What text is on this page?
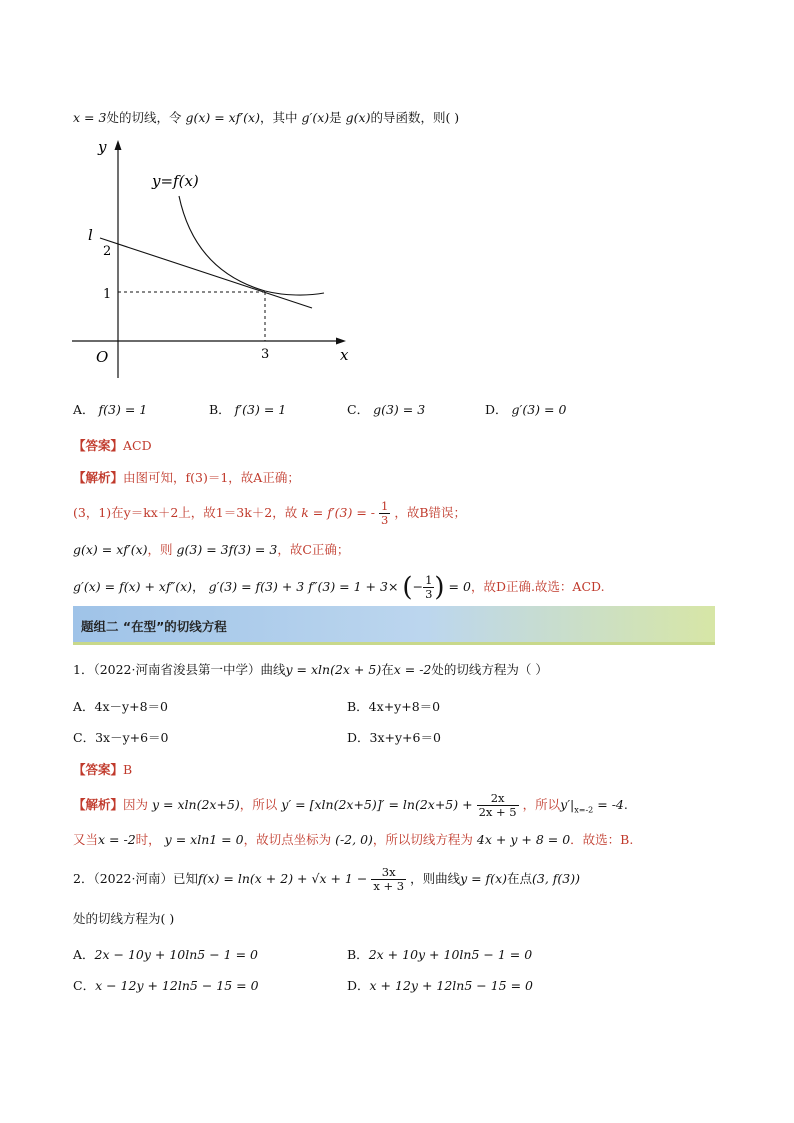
x = 3处的切线，令 g(x) = xf′(x)，其中 g′(x)是 g(x)的导函数，则( )
y
x
O
l
2
1
3
y=f(x)
A． f(3) = 1	B． f′(3) = 1	C． g(3) = 3	D． g′(3) = 0
【答案】ACD
【解析】由图可知，f(3)＝1，故A正确；
(3，1)在y＝kx＋2上，故1＝3k＋2，故 k = f′(3) = - $\frac{1}{3}$ ，故B错误；
g(x) = xf′(x)，则 g(3) = 3f(3) = 3，故C正确；
g′(x) = f(x) + xf″(x)， g′(3) = f(3) + 3 f″(3) = 1 + 3× (− $\frac{1}{3}$ ) = 0，故D正确.故选：ACD.
题组二 “在型”的切线方程
1．（2022·河南省浚县第一中学）曲线y = xln(2x + 5)在x = -2处的切线方程为（ ）
A．4x－y+8＝0	B．4x+y+8＝0
C．3x－y+6＝0	D．3x+y+6＝0
【答案】B
【解析】因为 y = xln(2x+5)，所以 $y' = [xln(2x+5)]' = \ln(2x+5) + \frac{2x}{2x + 5}$ ，所以$y'|_{x=-2} = -4$.
又当x = -2时， y = xln1 = 0，故切点坐标为 (-2, 0)，所以切线方程为 4x + y + 8 = 0．故选：B.
2．（2022·河南）已知$f(x) = \ln(x + 2) + √x + 1 - \frac{3x}{x + 3}$ ，则曲线y = f(x)在点(3, f(3))
处的切线方程为( )
A．2x − 10y + 10ln5 − 1 = 0	B．2x + 10y + 10ln5 − 1 = 0
C．x − 12y + 12ln5 − 15 = 0	D．x + 12y + 12ln5 − 15 = 0
